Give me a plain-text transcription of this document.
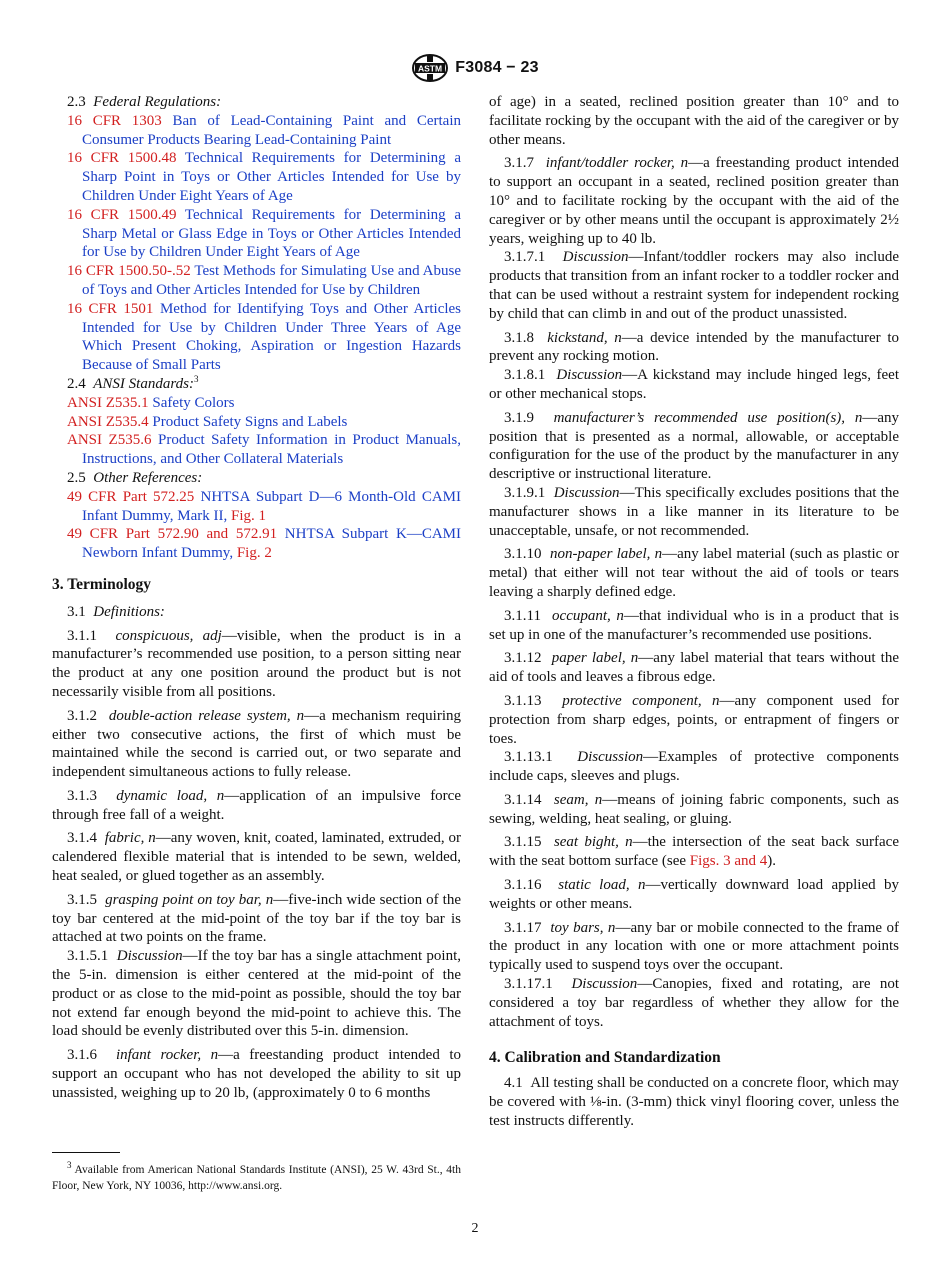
ASTM F3084 − 23

2.3 Federal Regulations:

16 CFR 1303 Ban of Lead-Containing Paint and Certain Consumer Products Bearing Lead-Containing Paint

16 CFR 1500.48 Technical Requirements for Determining a Sharp Point in Toys or Other Articles Intended for Use by Children Under Eight Years of Age

16 CFR 1500.49 Technical Requirements for Determining a Sharp Metal or Glass Edge in Toys or Other Articles Intended for Use by Children Under Eight Years of Age

16 CFR 1500.50-.52 Test Methods for Simulating Use and Abuse of Toys and Other Articles Intended for Use by Children

16 CFR 1501 Method for Identifying Toys and Other Articles Intended for Use by Children Under Three Years of Age Which Present Choking, Aspiration or Ingestion Hazards Because of Small Parts

2.4 ANSI Standards:$^3$

ANSI Z535.1 Safety Colors

ANSI Z535.4 Product Safety Signs and Labels

ANSI Z535.6 Product Safety Information in Product Manuals, Instructions, and Other Collateral Materials

2.5 Other References:

49 CFR Part 572.25 NHTSA Subpart D—6 Month-Old CAMI Infant Dummy, Mark II, Fig. 1

49 CFR Part 572.90 and 572.91 NHTSA Subpart K—CAMI Newborn Infant Dummy, Fig. 2

3. Terminology

3.1 Definitions:

3.1.1 conspicuous, adj—visible, when the product is in a manufacturer’s recommended use position, to a person sitting near the product at any one position around the product but is not necessarily visible from all positions.

3.1.2 double-action release system, n—a mechanism requiring either two consecutive actions, the first of which must be maintained while the second is carried out, or two separate and independent simultaneous actions to fully release.

3.1.3 dynamic load, n—application of an impulsive force through free fall of a weight.

3.1.4 fabric, n—any woven, knit, coated, laminated, extruded, or calendered flexible material that is intended to be sewn, welded, heat sealed, or glued together as an assembly.

3.1.5 grasping point on toy bar, n—five-inch wide section of the toy bar centered at the mid-point of the toy bar if the toy bar is attached at two points on the frame.

3.1.5.1 Discussion—If the toy bar has a single attachment point, the 5-in. dimension is either centered at the mid-point of the product or as close to the mid-point as possible, should the toy bar not extend far enough beyond the mid-point to achieve this. The load should be evenly distributed over this 5-in. dimension.

3.1.6 infant rocker, n—a freestanding product intended to support an occupant who has not developed the ability to sit up unassisted, weighing up to 20 lb, (approximately 0 to 6 months

of age) in a seated, reclined position greater than 10° and to facilitate rocking by the occupant with the aid of the caregiver or by other means.

3.1.7 infant/toddler rocker, n—a freestanding product intended to support an occupant in a seated, reclined position greater than 10° and to facilitate rocking by the occupant with the aid of the caregiver or by other means until the occupant is approximately 2½ years, weighing up to 40 lb.

3.1.7.1 Discussion—Infant/toddler rockers may also include products that transition from an infant rocker to a toddler rocker and that can be used without a restraint system for independent rocking by child that can climb in and out of the product unassisted.

3.1.8 kickstand, n—a device intended by the manufacturer to prevent any rocking motion.

3.1.8.1 Discussion—A kickstand may include hinged legs, feet or other mechanical stops.

3.1.9 manufacturer’s recommended use position(s), n—any position that is presented as a normal, allowable, or acceptable configuration for the use of the product by the manufacturer in any descriptive or instructional literature.

3.1.9.1 Discussion—This specifically excludes positions that the manufacturer shows in a like manner in its literature to be unacceptable, unsafe, or not recommended.

3.1.10 non-paper label, n—any label material (such as plastic or metal) that either will not tear without the aid of tools or tears leaving a sharply defined edge.

3.1.11 occupant, n—that individual who is in a product that is set up in one of the manufacturer’s recommended use positions.

3.1.12 paper label, n—any label material that tears without the aid of tools and leaves a fibrous edge.

3.1.13 protective component, n—any component used for protection from sharp edges, points, or entrapment of fingers or toes.

3.1.13.1 Discussion—Examples of protective components include caps, sleeves and plugs.

3.1.14 seam, n—means of joining fabric components, such as sewing, welding, heat sealing, or gluing.

3.1.15 seat bight, n—the intersection of the seat back surface with the seat bottom surface (see Figs. 3 and 4).

3.1.16 static load, n—vertically downward load applied by weights or other means.

3.1.17 toy bars, n—any bar or mobile connected to the frame of the product in any location with one or more attachment points typically used to suspend toys over the occupant.

3.1.17.1 Discussion—Canopies, fixed and rotating, are not considered a toy bar regardless of whether they allow for the attachment of toys.

4. Calibration and Standardization

4.1 All testing shall be conducted on a concrete floor, which may be covered with ⅛-in. (3-mm) thick vinyl flooring cover, unless the test instructs differently.

$^3$ Available from American National Standards Institute (ANSI), 25 W. 43rd St., 4th Floor, New York, NY 10036, http://www.ansi.org.
2
